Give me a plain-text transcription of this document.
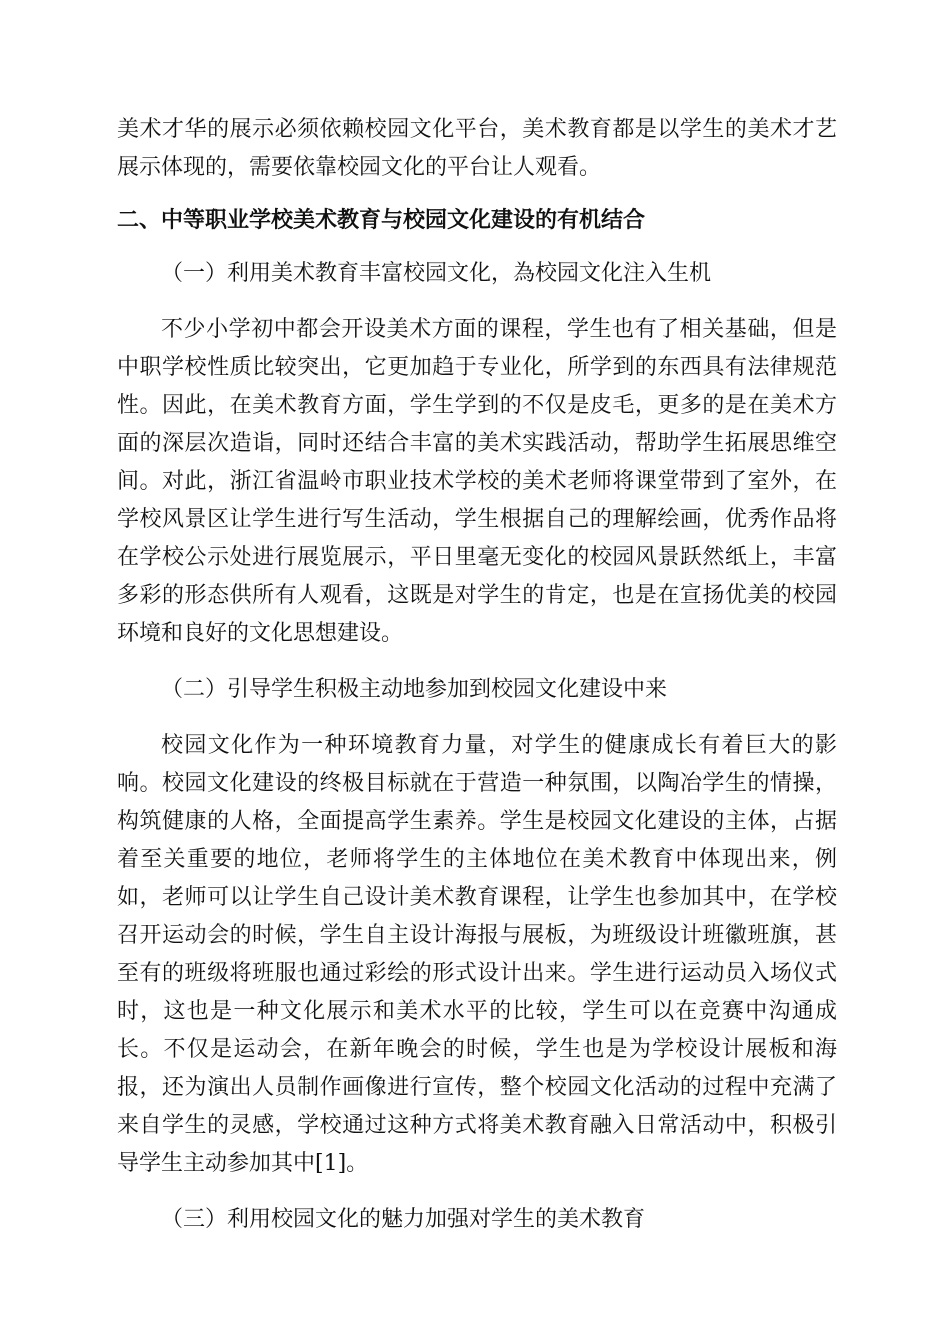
美术才华的展示必须依赖校园文化平台，美术教育都是以学生的美术才艺
展示体现的，需要依靠校园文化的平台让人观看。
二、中等职业学校美术教育与校园文化建设的有机结合
（一）利用美术教育丰富校园文化，為校园文化注入生机
不少小学初中都会开设美术方面的课程，学生也有了相关基础，但是
中职学校性质比较突出，它更加趋于专业化，所学到的东西具有法律规范
性。因此，在美术教育方面，学生学到的不仅是皮毛，更多的是在美术方
面的深层次造诣，同时还结合丰富的美术实践活动，帮助学生拓展思维空
间。对此，浙江省温岭市职业技术学校的美术老师将课堂带到了室外，在
学校风景区让学生进行写生活动，学生根据自己的理解绘画，优秀作品将
在学校公示处进行展览展示，平日里毫无变化的校园风景跃然纸上，丰富
多彩的形态供所有人观看，这既是对学生的肯定，也是在宣扬优美的校园
环境和良好的文化思想建设。
（二）引导学生积极主动地参加到校园文化建设中来
校园文化作为一种环境教育力量，对学生的健康成长有着巨大的影
响。校园文化建设的终极目标就在于营造一种氛围，以陶冶学生的情操，
构筑健康的人格，全面提高学生素养。学生是校园文化建设的主体，占据
着至关重要的地位，老师将学生的主体地位在美术教育中体现出来，例
如，老师可以让学生自己设计美术教育课程，让学生也参加其中，在学校
召开运动会的时候，学生自主设计海报与展板，为班级设计班徽班旗，甚
至有的班级将班服也通过彩绘的形式设计出来。学生进行运动员入场仪式
时，这也是一种文化展示和美术水平的比较，学生可以在竞赛中沟通成
长。不仅是运动会，在新年晚会的时候，学生也是为学校设计展板和海
报，还为演出人员制作画像进行宣传，整个校园文化活动的过程中充满了
来自学生的灵感，学校通过这种方式将美术教育融入日常活动中，积极引
导学生主动参加其中[1]。
（三）利用校园文化的魅力加强对学生的美术教育
